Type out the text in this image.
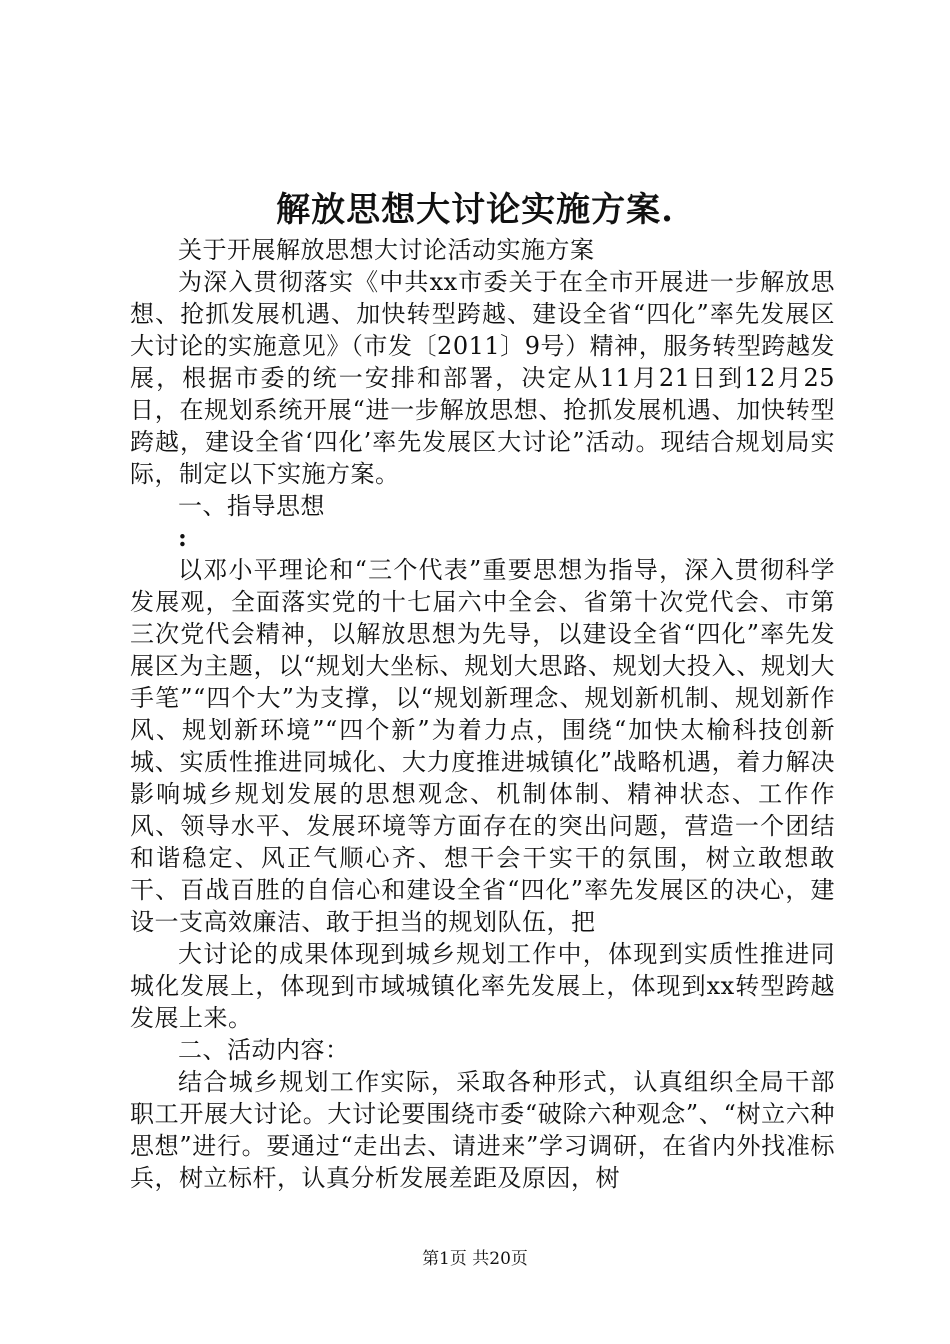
解放思想大讨论实施方案.

关于开展解放思想大讨论活动实施方案

为深入贯彻落实《中共xx市委关于在全市开展进一步解放思想、抢抓发展机遇、加快转型跨越、建设全省“四化”率先发展区大讨论的实施意见》（市发〔2011〕9号）精神，服务转型跨越发展，根据市委的统一安排和部署，决定从11月21日到12月25日，在规划系统开展“进一步解放思想、抢抓发展机遇、加快转型跨越，建设全省‘四化’率先发展区大讨论”活动。现结合规划局实际，制定以下实施方案。

一、指导思想

:

以邓小平理论和“三个代表”重要思想为指导，深入贯彻科学发展观，全面落实党的十七届六中全会、省第十次党代会、市第三次党代会精神，以解放思想为先导，以建设全省“四化”率先发展区为主题，以“规划大坐标、规划大思路、规划大投入、规划大手笔”“四个大”为支撑，以“规划新理念、规划新机制、规划新作风、规划新环境”“四个新”为着力点，围绕“加快太榆科技创新城、实质性推进同城化、大力度推进城镇化”战略机遇，着力解决影响城乡规划发展的思想观念、机制体制、精神状态、工作作风、领导水平、发展环境等方面存在的突出问题，营造一个团结和谐稳定、风正气顺心齐、想干会干实干的氛围，树立敢想敢干、百战百胜的自信心和建设全省“四化”率先发展区的决心，建设一支高效廉洁、敢于担当的规划队伍，把

大讨论的成果体现到城乡规划工作中，体现到实质性推进同城化发展上，体现到市域城镇化率先发展上，体现到xx转型跨越发展上来。

二、活动内容：

结合城乡规划工作实际，采取各种形式，认真组织全局干部职工开展大讨论。大讨论要围绕市委“破除六种观念”、“树立六种思想”进行。要通过“走出去、请进来”学习调研，在省内外找准标兵，树立标杆，认真分析发展差距及原因，树

第1页 共20页
